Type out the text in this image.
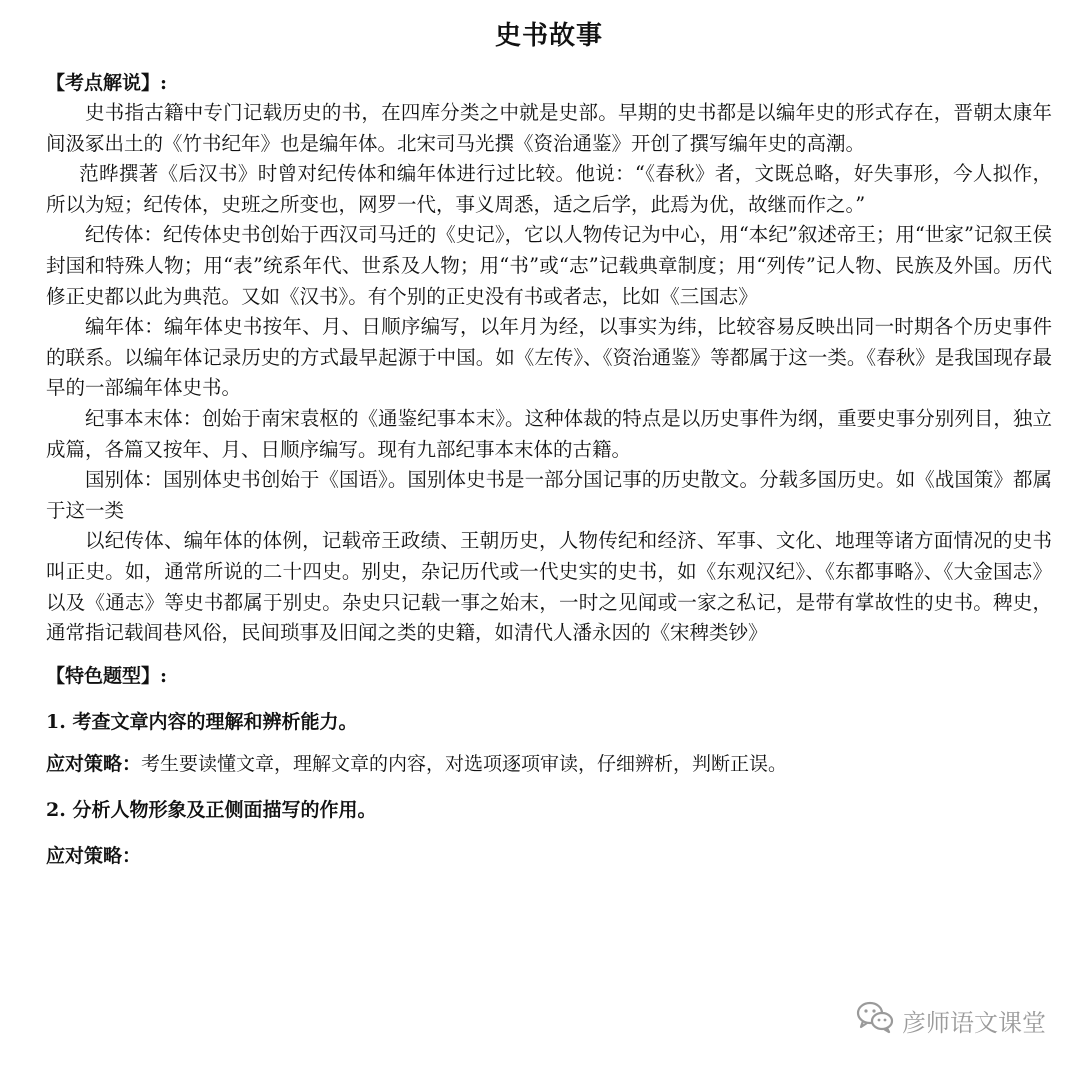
史书故事
【考点解说】:

史书指古籍中专门记载历史的书，在四库分类之中就是史部。早期的史书都是以编年史的形式存在，晋朝太康年间汲冢出土的《竹书纪年》也是编年体。北宋司马光撰《资治通鉴》开创了撰写编年史的高潮。

范晔撰著《后汉书》时曾对纪传体和编年体进行过比较。他说：“《春秋》者，文既总略，好失事形，今人拟作，所以为短；纪传体，史班之所变也，网罗一代，事义周悉，适之后学，此焉为优，故继而作之。”

纪传体：纪传体史书创始于西汉司马迁的《史记》，它以人物传记为中心，用“本纪”叙述帝王；用“世家”记叙王侯封国和特殊人物；用“表”统系年代、世系及人物；用“书”或“志”记载典章制度；用“列传”记人物、民族及外国。历代修正史都以此为典范。又如《汉书》。有个别的正史没有书或者志，比如《三国志》

编年体：编年体史书按年、月、日顺序编写，以年月为经，以事实为纬，比较容易反映出同一时期各个历史事件的联系。以编年体记录历史的方式最早起源于中国。如《左传》、《资治通鉴》等都属于这一类。《春秋》是我国现存最早的一部编年体史书。

纪事本末体：创始于南宋袁枢的《通鉴纪事本末》。这种体裁的特点是以历史事件为纲，重要史事分别列目，独立成篇，各篇又按年、月、日顺序编写。现有九部纪事本末体的古籍。

国别体：国别体史书创始于《国语》。国别体史书是一部分国记事的历史散文。分载多国历史。如《战国策》都属于这一类

以纪传体、编年体的体例，记载帝王政绩、王朝历史，人物传纪和经济、军事、文化、地理等诸方面情况的史书叫正史。如，通常所说的二十四史。别史，杂记历代或一代史实的史书，如《东观汉纪》、《东都事略》、《大金国志》以及《通志》等史书都属于别史。杂史只记载一事之始末，一时之见闻或一家之私记，是带有掌故性的史书。稗史，通常指记载闾巷风俗，民间琐事及旧闻之类的史籍，如清代人潘永因的《宋稗类钞》

【特色题型】:

1. 考查文章内容的理解和辨析能力。

应对策略：考生要读懂文章，理解文章的内容，对选项逐项审读，仔细辨析，判断正误。

2. 分析人物形象及正侧面描写的作用。

应对策略：

彦师语文课堂
